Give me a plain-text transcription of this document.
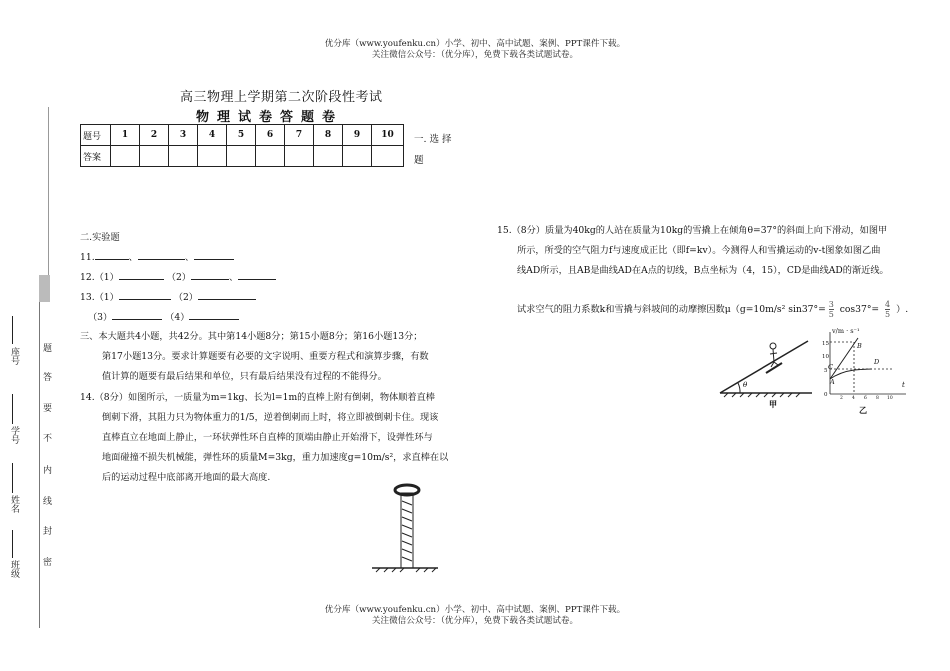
优分库（www.youfenku.cn）小学、初中、高中试题、案例、PPT课件下载。
关注微信公众号：（优分库），免费下载各类试题试卷。
题
答
要
不
内
线
封
密
座号
学号
姓名
班级
高三物理上学期第二次阶段性考试
物理试卷答题卷
题号	1	2	3	4	5	6	7	8	9	10
答案										
一. 选 择
题
二.实验题
11.	、	、
12.（1）	（2）	、
13.（1）	（2）
（3）	（4）
三、本大题共4小题，共42分。其中第14小题8分；第15小题8分；第16小题13分；
第17小题13分。要求计算题要有必要的文字说明、重要方程式和演算步骤，有数
值计算的题要有最后结果和单位，只有最后结果没有过程的不能得分。
14.（8分）如图所示，一质量为m=1kg、长为l=1m的直棒上附有倒刺，物体顺着直棒
倒刺下滑，其阻力只为物体重力的1/5，逆着倒刺而上时，将立即被倒刺卡住。现该
直棒直立在地面上静止，一环状弹性环自直棒的顶端由静止开始滑下，设弹性环与
地面碰撞不损失机械能，弹性环的质量M=3kg，重力加速度g=10m/s²，求直棒在以
后的运动过程中底部离开地面的最大高度.
15.（8分）质量为40kg的人站在质量为10kg的雪撬上在倾角θ=37°的斜面上向下滑动，如图甲
所示，所受的空气阻力f与速度成正比（即f=kv）。今测得人和雪撬运动的v-t图象如图乙曲
线AD所示，且AB是曲线AD在A点的切线，B点坐标为（4，15），CD是曲线AD的渐近线。
试求空气的阻力系数k和雪撬与斜坡间的动摩擦因数μ（g=10m/s² $\sin 37^\circ= \frac{3}{5} \cos 37^\circ= \frac{4}{5}$ ）.
θ
甲
v/m · s⁻¹
t
15
10
5
0
2 4 6 8 10
A
B
C
D
乙
优分库（www.youfenku.cn）小学、初中、高中试题、案例、PPT课件下载。
关注微信公众号：（优分库），免费下载各类试题试卷。
